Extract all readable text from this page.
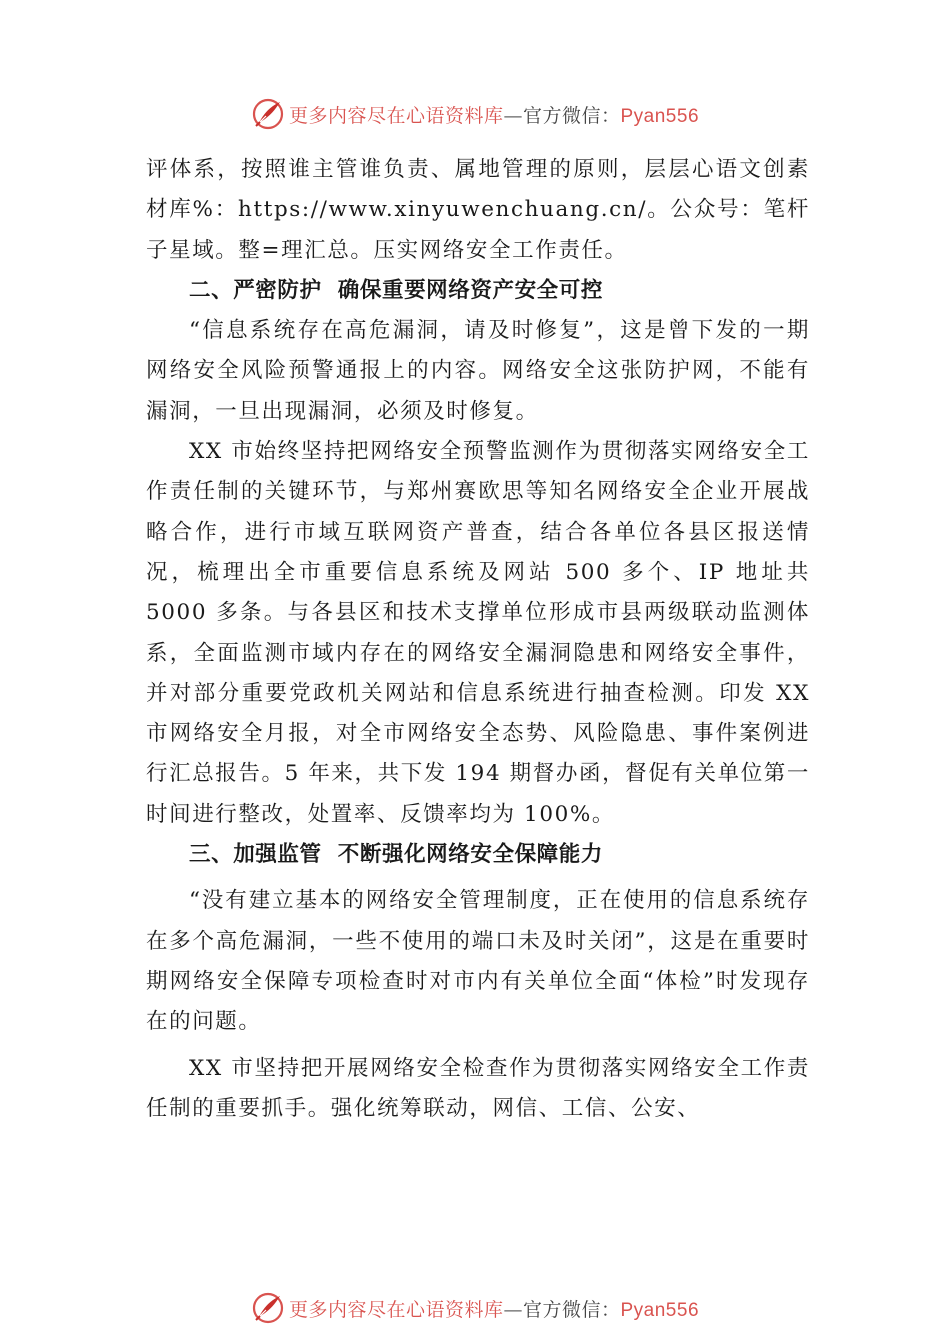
更多内容尽在心语资料库—官方微信：Pyan556

评体系，按照谁主管谁负责、属地管理的原则，层层心语文创素材库%：https://www.xinyuwenchuang.cn/。公众号：笔杆子星域。整=理汇总。压实网络安全工作责任。

二、严密防护  确保重要网络资产安全可控

“信息系统存在高危漏洞，请及时修复”，这是曾下发的一期网络安全风险预警通报上的内容。网络安全这张防护网，不能有漏洞，一旦出现漏洞，必须及时修复。

XX 市始终坚持把网络安全预警监测作为贯彻落实网络安全工作责任制的关键环节，与郑州赛欧思等知名网络安全企业开展战略合作，进行市域互联网资产普查，结合各单位各县区报送情况，梳理出全市重要信息系统及网站 500 多个、IP 地址共 5000 多条。与各县区和技术支撑单位形成市县两级联动监测体系，全面监测市域内存在的网络安全漏洞隐患和网络安全事件，并对部分重要党政机关网站和信息系统进行抽查检测。印发 XX 市网络安全月报，对全市网络安全态势、风险隐患、事件案例进行汇总报告。5 年来，共下发 194 期督办函，督促有关单位第一时间进行整改，处置率、反馈率均为 100%。

三、加强监管  不断强化网络安全保障能力

“没有建立基本的网络安全管理制度，正在使用的信息系统存在多个高危漏洞，一些不使用的端口未及时关闭”，这是在重要时期网络安全保障专项检查时对市内有关单位全面“体检”时发现存在的问题。

XX 市坚持把开展网络安全检查作为贯彻落实网络安全工作责任制的重要抓手。强化统筹联动，网信、工信、公安、

更多内容尽在心语资料库—官方微信：Pyan556
